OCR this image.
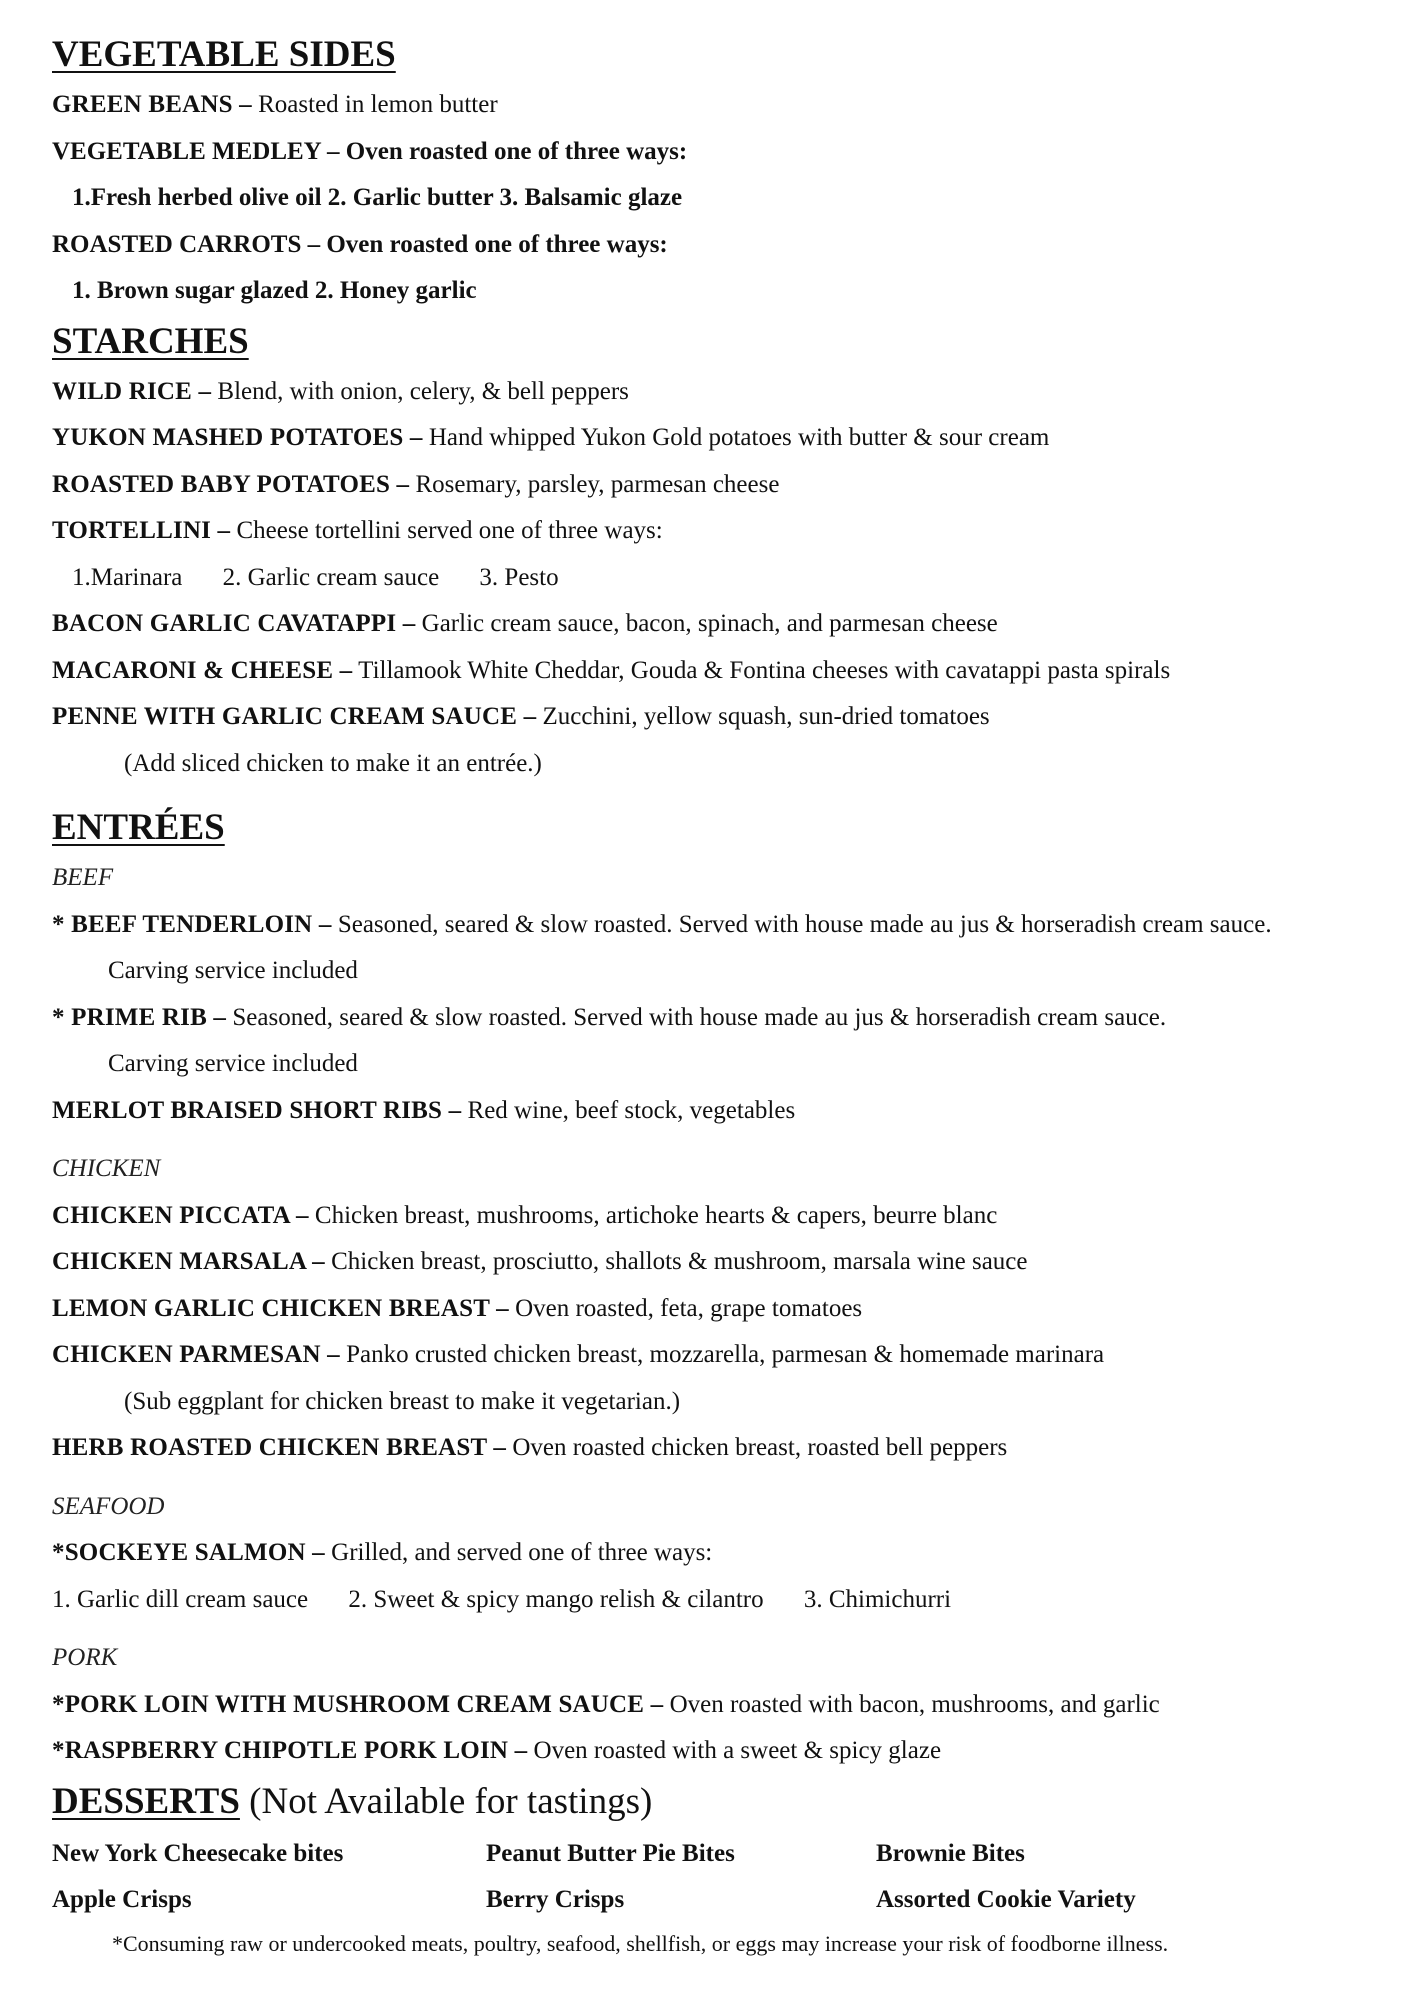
VEGETABLE SIDES
GREEN BEANS – Roasted in lemon butter
VEGETABLE MEDLEY – Oven roasted one of three ways:
1.Fresh herbed olive oil 2. Garlic butter 3. Balsamic glaze
ROASTED CARROTS – Oven roasted one of three ways:
1. Brown sugar glazed 2. Honey garlic
STARCHES
WILD RICE – Blend, with onion, celery, & bell peppers
YUKON MASHED POTATOES – Hand whipped Yukon Gold potatoes with butter & sour cream
ROASTED BABY POTATOES – Rosemary, parsley, parmesan cheese
TORTELLINI – Cheese tortellini served one of three ways:
1.Marinara 2. Garlic cream sauce 3. Pesto
BACON GARLIC CAVATAPPI – Garlic cream sauce, bacon, spinach, and parmesan cheese
MACARONI & CHEESE – Tillamook White Cheddar, Gouda & Fontina cheeses with cavatappi pasta spirals
PENNE WITH GARLIC CREAM SAUCE – Zucchini, yellow squash, sun-dried tomatoes
(Add sliced chicken to make it an entrée.)
ENTRÉES
BEEF
* BEEF TENDERLOIN – Seasoned, seared & slow roasted. Served with house made au jus & horseradish cream sauce.
Carving service included
* PRIME RIB – Seasoned, seared & slow roasted. Served with house made au jus & horseradish cream sauce.
Carving service included
MERLOT BRAISED SHORT RIBS – Red wine, beef stock, vegetables
CHICKEN
CHICKEN PICCATA – Chicken breast, mushrooms, artichoke hearts & capers, beurre blanc
CHICKEN MARSALA – Chicken breast, prosciutto, shallots & mushroom, marsala wine sauce
LEMON GARLIC CHICKEN BREAST – Oven roasted, feta, grape tomatoes
CHICKEN PARMESAN – Panko crusted chicken breast, mozzarella, parmesan & homemade marinara
(Sub eggplant for chicken breast to make it vegetarian.)
HERB ROASTED CHICKEN BREAST – Oven roasted chicken breast, roasted bell peppers
SEAFOOD
*SOCKEYE SALMON – Grilled, and served one of three ways:
1. Garlic dill cream sauce 2. Sweet & spicy mango relish & cilantro 3. Chimichurri
PORK
*PORK LOIN WITH MUSHROOM CREAM SAUCE – Oven roasted with bacon, mushrooms, and garlic
*RASPBERRY CHIPOTLE PORK LOIN – Oven roasted with a sweet & spicy glaze
DESSERTS (Not Available for tastings)
New York Cheesecake bites	Peanut Butter Pie Bites	Brownie Bites
Apple Crisps	Berry Crisps	Assorted Cookie Variety
*Consuming raw or undercooked meats, poultry, seafood, shellfish, or eggs may increase your risk of foodborne illness.
